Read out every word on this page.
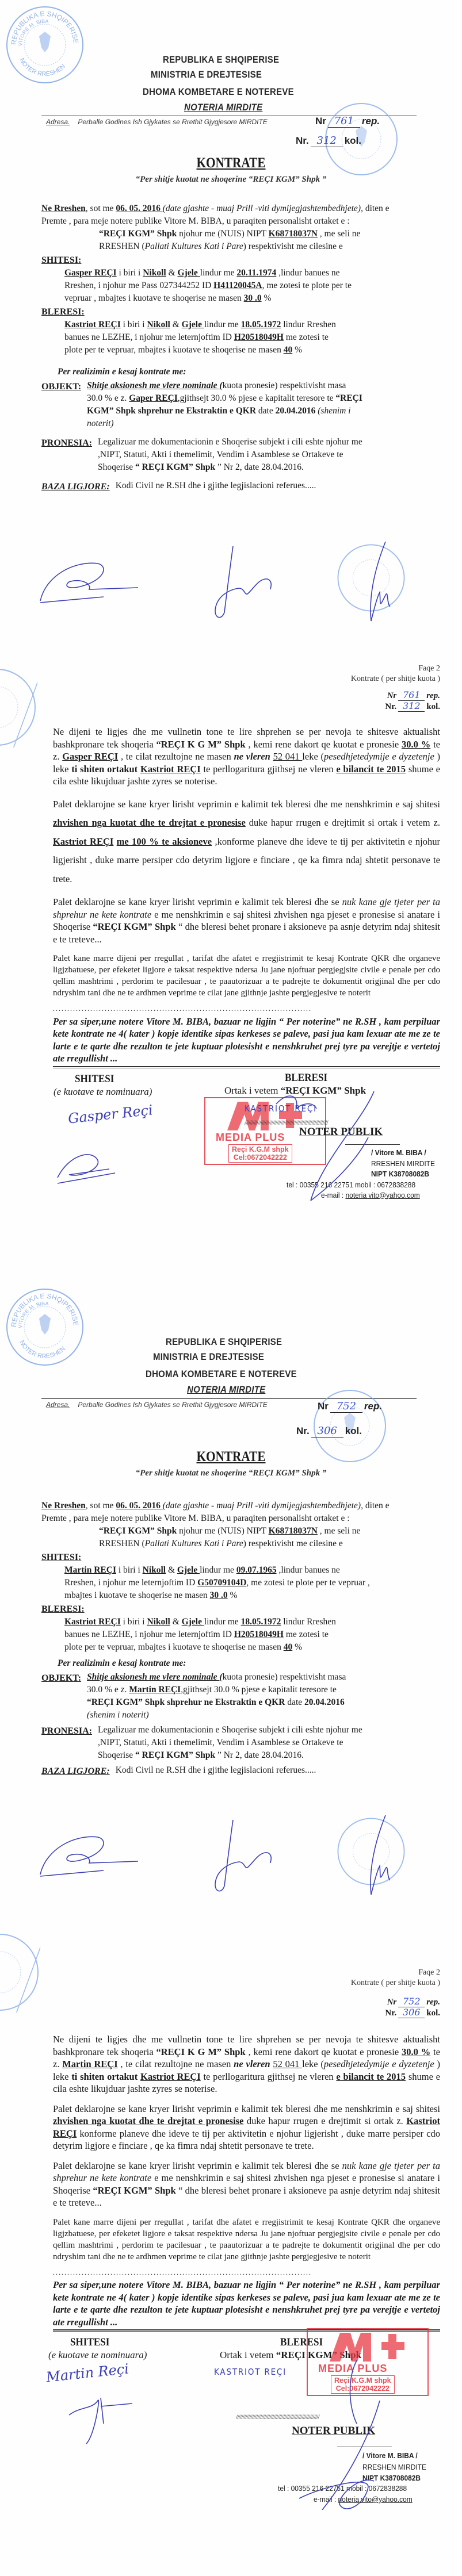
REPUBLIKA E SHQIPERISE
VITORE M. BIBA
NOTER RRESHEN
REPUBLIKA E SHQIPERISE
MINISTRIA E DREJTESISE
DHOMA KOMBETARE E NOTEREVE
NOTERIA MIRDITE
Adresa. Perballe Godines Ish Gjykates se Rrethit Gjygjesore MIRDITE	Nr 761 rep.
Nr. 312 kol.
KONTRATE
“Per shitje kuotat ne shoqerine “REÇI KGM” Shpk ”

Ne Rreshen, sot me 06. 05. 2016 (date gjashte - muaj Prill -viti dymijegjashtembedhjete), diten e Premte , para meje notere publike Vitore M. BIBA, u paraqiten personalisht ortaket e :

“REÇI KGM” Shpk njohur me (NUIS) NIPT K68718037N , me seli ne RRESHEN (Pallati Kultures Kati i Pare) respektivisht me cilesine e

SHITESI:

Gasper REÇI i biri i Nikoll & Gjele lindur me 20.11.1974 ,lindur banues ne Rreshen, i njohur me Pass 027344252 ID H41120045A, me zotesi te plote per te vepruar , mbajtes i kuotave te shoqerise ne masen 30 .0 %

BLERESI:

Kastriot REÇI i biri i Nikoll & Gjele lindur me 18.05.1972 lindur Rreshen banues ne LEZHE, i njohur me leternjoftim ID H20518049H me zotesi te plote per te vepruar, mbajtes i kuotave te shoqerise ne masen 40 %

Per realizimin e kesaj kontrate me:
OBJEKT: Shitje aksionesh me vlere nominale (kuota pronesie) respektivisht masa 30.0 % e z. Gaper REÇI,gjithsejt 30.0 % pjese e kapitalit teresore te “REÇI KGM” Shpk shprehur ne Ekstraktin e QKR date 20.04.2016 (shenim i noterit)

PRONESIA: Legalizuar me dokumentacionin e Shoqerise subjekt i cili eshte njohur me ,NIPT, Statuti, Akti i themelimit, Vendim i Asamblese se Ortakeve te Shoqerise “ REÇI KGM” Shpk ” Nr 2, date 28.04.2016.

BAZA LIGJORE: Kodi Civil ne R.SH dhe i gjithe legjislacioni referues.....

Faqe 2
Kontrate ( per shitje kuota )
Nr 761 rep.
Nr. 312 kol.

Ne dijeni te ligjes dhe me vullnetin tone te lire shprehen se per nevoja te shitesve aktualisht bashkpronare tek shoqeria “REÇI K G M” Shpk , kemi rene dakort qe kuotat e pronesie 30.0 % te z. Gasper REÇI , te cilat rezultojne ne masen ne vleren 52 041 leke (pesedhjetedymije e dyzetenje ) leke ti shiten ortakut Kastriot REÇI te perllogaritura gjithsej ne vleren e bilancit te 2015 shume e cila eshte likujduar jashte zyres se noterise.

Palet deklarojne se kane kryer lirisht veprimin e kalimit tek bleresi dhe me nenshkrimin e saj shitesi zhvishen nga kuotat dhe te drejtat e pronesise duke hapur rrugen e drejtimit si ortak i vetem z. Kastriot REÇI me 100 % te aksioneve ,konforme planeve dhe ideve te tij per aktivitetin e njohur ligjerisht , duke marre persiper cdo detyrim ligjore e finciare , qe ka fimra ndaj shtetit personave te trete.

Palet deklarojne se kane kryer lirisht veprimin e kalimit tek bleresi dhe se nuk kane gje tjeter per ta shprehur ne kete kontrate e me nenshkrimin e saj shitesi zhvishen nga pjeset e pronesise si anatare i Shoqerise “REÇI KGM” Shpk “ dhe bleresi behet pronare i aksioneve pa asnje detyrim ndaj shitesit e te treteve...

Palet kane marre dijeni per rregullat , tarifat dhe afatet e rregjistrimit te kesaj Kontrate QKR dhe organeve ligjzbatuese, per efeketet ligjore e taksat respektive ndersa Ju jane njoftuar pergjegjsite civile e penale per cdo qellim mashtrimi , perdorim te pacilesuar , te paautorizuar a te padrejte te dokumentit origjinal dhe per cdo ndryshim tani dhe ne te ardhmen veprime te cilat jane gjithnje jashte pergjegjesive te noterit

..........................................................................................

Per sa siper,une notere Vitore M. BIBA, bazuar ne ligjin “ Per noterine” ne R.SH , kam perpiluar kete kontrate ne 4( kater ) kopje identike sipas kerkeses se paleve, pasi jua kam lexuar ate me ze te larte e te qarte dhe rezulton te jete kuptuar plotesisht e nenshkruhet prej tyre pa verejtje e vertetoj ate rregullisht ...

SHITESI
(e kuotave te nominuara)
Gasper Reçi
BLERESI
Ortak i vetem “REÇI KGM” Shpk
MEDIA PLUS
Reçi K.G.M shpk
Cel:0672042222
KASTRIOT REÇI
//////////////////////////////////////////////////////////////
NOTER PUBLIK
/ Vitore M. BIBA /
RRESHEN MIRDITE
NIPT K38708082B
tel : 00355 216 22751 mobil : 0672838288
e-mail : noteria vito@yahoo.com
REPUBLIKA E SHQIPERISE
VITORE M. BIBA
NOTER RRESHEN
REPUBLIKA E SHQIPERISE
MINISTRIA E DREJTESISE
DHOMA KOMBETARE E NOTEREVE
NOTERIA MIRDITE
Adresa. Perballe Godines Ish Gjykates se Rrethit Gjygjesore MIRDITE	Nr 752 rep.
Nr. 306 kol.
KONTRATE
“Per shitje kuotat ne shoqerine “REÇI KGM” Shpk ”

Ne Rreshen, sot me 06. 05. 2016 (date gjashte - muaj Prill -viti dymijegjashtembedhjete), diten e Premte , para meje notere publike Vitore M. BIBA, u paraqiten personalisht ortaket e :

“REÇI KGM” Shpk njohur me (NUIS) NIPT K68718037N , me seli ne RRESHEN (Pallati Kultures Kati i Pare) respektivisht me cilesine e

SHITESI:

Martin REÇI i biri i Nikoll & Gjele lindur me 09.07.1965 ,lindur banues ne Rreshen, i njohur me leternjoftim ID G50709104D, me zotesi te plote per te vepruar , mbajtes i kuotave te shoqerise ne masen 30 .0 %

BLERESI:

Kastriot REÇI i biri i Nikoll & Gjele lindur me 18.05.1972 lindur Rreshen banues ne LEZHE, i njohur me leternjoftim ID H20518049H me zotesi te plote per te vepruar, mbajtes i kuotave te shoqerise ne masen 40 %

Per realizimin e kesaj kontrate me:
OBJEKT: Shitje aksionesh me vlere nominale (kuota pronesie) respektivisht masa 30.0 % e z. Martin REÇI,gjithsejt 30.0 % pjese e kapitalit teresore te “REÇI KGM” Shpk shprehur ne Ekstraktin e QKR date 20.04.2016 (shenim i noterit)

PRONESIA: Legalizuar me dokumentacionin e Shoqerise subjekt i cili eshte njohur me ,NIPT, Statuti, Akti i themelimit, Vendim i Asamblese se Ortakeve te Shoqerise “ REÇI KGM” Shpk ” Nr 2, date 28.04.2016.

BAZA LIGJORE: Kodi Civil ne R.SH dhe i gjithe legjislacioni referues.....

Faqe 2
Kontrate ( per shitje kuota )
Nr 752 rep.
Nr. 306 kol.

Ne dijeni te ligjes dhe me vullnetin tone te lire shprehen se per nevoja te shitesve aktualisht bashkpronare tek shoqeria “REÇI K G M” Shpk , kemi rene dakort qe kuotat e pronesie 30.0 % te z. Martin REÇI , te cilat rezultojne ne masen ne vleren 52 041 leke (pesedhjetedymije e dyzetenje ) leke ti shiten ortakut Kastriot REÇI te perllogaritura gjithsej ne vleren e bilancit te 2015 shume e cila eshte likujduar jashte zyres se noterise.

Palet deklarojne se kane kryer lirisht veprimin e kalimit tek bleresi dhe me nenshkrimin e saj shitesi zhvishen nga kuotat dhe te drejtat e pronesise duke hapur rrugen e drejtimit si ortak z. Kastriot REÇI konforme planeve dhe ideve te tij per aktivitetin e njohur ligjerisht , duke marre persiper cdo detyrim ligjore e finciare , qe ka fimra ndaj shtetit personave te trete.

Palet deklarojne se kane kryer lirisht veprimin e kalimit tek bleresi dhe se nuk kane gje tjeter per ta shprehur ne kete kontrate e me nenshkrimin e saj shitesi zhvishen nga pjeset e pronesise si anatare i Shoqerise “REÇI KGM” Shpk “ dhe bleresi behet pronare i aksioneve pa asnje detyrim ndaj shitesit e te treteve...

Palet kane marre dijeni per rregullat , tarifat dhe afatet e rregjistrimit te kesaj Kontrate QKR dhe organeve ligjzbatuese, per efeketet ligjore e taksat respektive ndersa Ju jane njoftuar pergjegjsite civile e penale per cdo qellim mashtrimi , perdorim te pacilesuar , te paautorizuar a te padrejte te dokumentit origjinal dhe per cdo ndryshim tani dhe ne te ardhmen veprime te cilat jane gjithnje jashte pergjegjesive te noterit

..........................................................................................

Per sa siper,une notere Vitore M. BIBA, bazuar ne ligjin “ Per noterine” ne R.SH , kam perpiluar kete kontrate ne 4( kater ) kopje identike sipas kerkeses se paleve, pasi jua kam lexuar ate me ze te larte e te qarte dhe rezulton te jete kuptuar plotesisht e nenshkruhet prej tyre pa verejtje e vertetoj ate rregullisht ...

SHITESI
(e kuotave te nominuara)
Martin Reçi
BLERESI
Ortak i vetem “REÇI KGM” Shpk
MEDIA PLUS
Reçi K.G.M shpk
Cel:0672042222
KASTRIOT REÇI
//////////////////////////////////////////////////////////////
NOTER PUBLIK
/ Vitore M. BIBA /
RRESHEN MIRDITE
NIPT K38708082B
tel : 00355 216 22751 mobil : 0672838288
e-mail : noteria vito@yahoo.com
